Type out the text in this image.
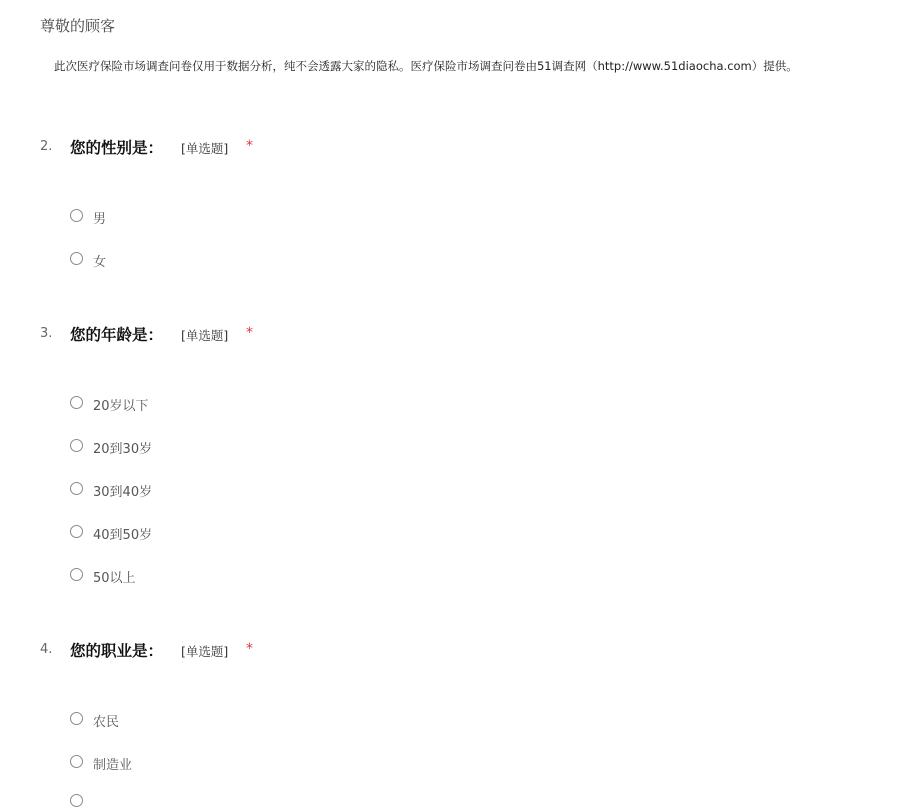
尊敬的顾客
此次医疗保险市场调查问卷仅用于数据分析，纯不会透露大家的隐私。医疗保险市场调查问卷由51调查网（http://www.51diaocha.com）提供。
2. 您的性别是： [单选题] *
男
女
3. 您的年龄是： [单选题] *
20岁以下
20到30岁
30到40岁
40到50岁
50以上
4. 您的职业是： [单选题] *
农民
制造业
